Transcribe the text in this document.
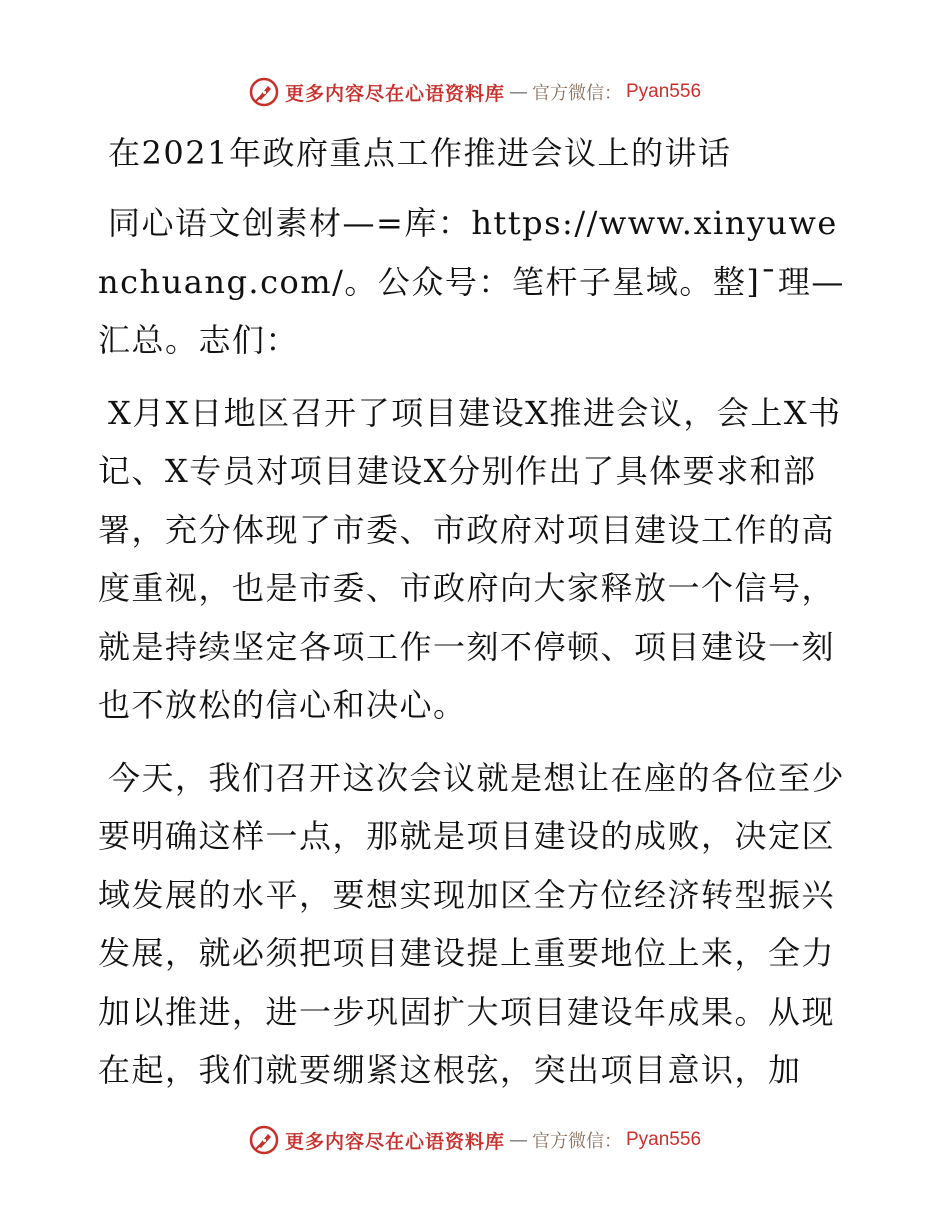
更多内容尽在心语资料库 — 官方微信： Pyan556

在2021年政府重点工作推进会议上的讲话

同心语文创素材—=库：https://www.xinyuwenchuang.com/。公众号：笔杆子星域。整]¯理—汇总。志们：

X月X日地区召开了项目建设X推进会议，会上X书记、X专员对项目建设X分别作出了具体要求和部署，充分体现了市委、市政府对项目建设工作的高度重视，也是市委、市政府向大家释放一个信号，就是持续坚定各项工作一刻不停顿、项目建设一刻也不放松的信心和决心。

今天，我们召开这次会议就是想让在座的各位至少要明确这样一点，那就是项目建设的成败，决定区域发展的水平，要想实现加区全方位经济转型振兴发展，就必须把项目建设提上重要地位上来，全力加以推进，进一步巩固扩大项目建设年成果。从现在起，我们就要绷紧这根弦，突出项目意识，加

更多内容尽在心语资料库 — 官方微信： Pyan556
